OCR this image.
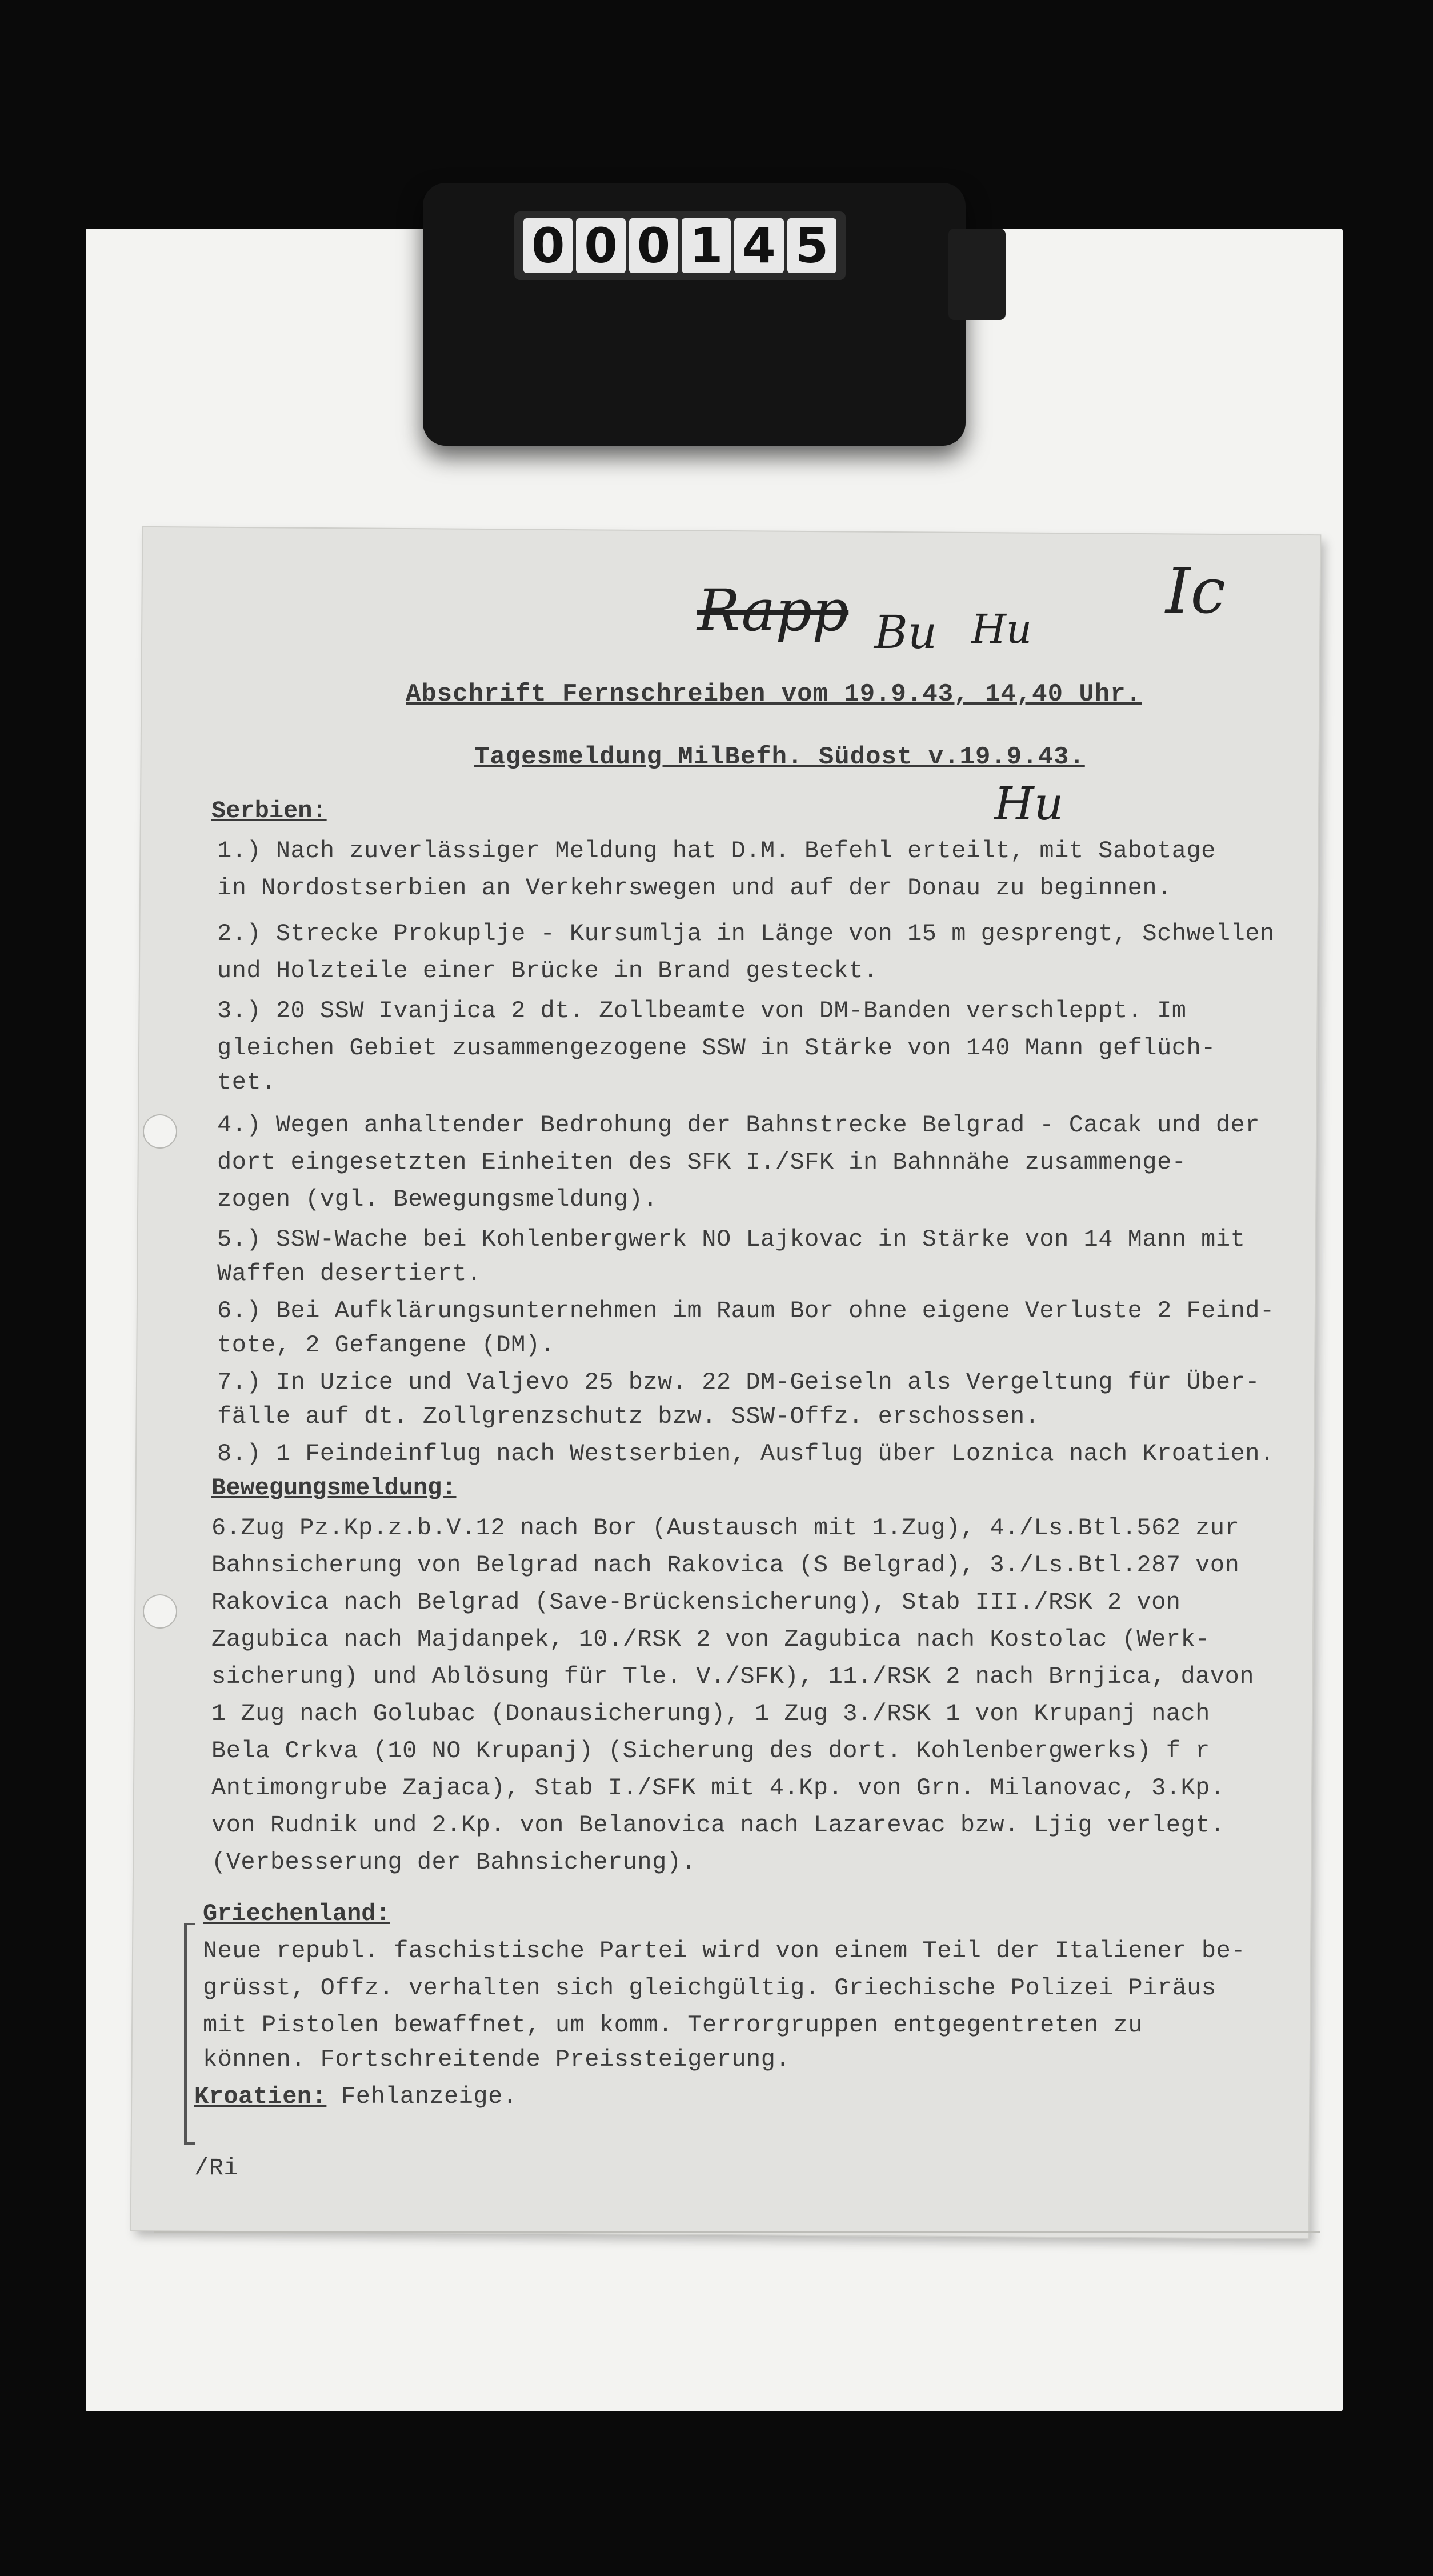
0 0 0 1 4 5
Rapp Bu Hu
Ic
Hu
Abschrift Fernschreiben vom 19.9.43, 14,40 Uhr.
Tagesmeldung MilBefh. Südost v.19.9.43.
Serbien:
1.) Nach zuverlässiger Meldung hat D.M. Befehl erteilt, mit Sabotage
in Nordostserbien an Verkehrswegen und auf der Donau zu beginnen.
2.) Strecke Prokuplje - Kursumlja in Länge von 15 m gesprengt, Schwellen
und Holzteile einer Brücke in Brand gesteckt.
3.) 20 SSW Ivanjica 2 dt. Zollbeamte von DM-Banden verschleppt. Im
gleichen Gebiet zusammengezogene SSW in Stärke von 140 Mann geflüch-
tet.
4.) Wegen anhaltender Bedrohung der Bahnstrecke Belgrad - Cacak und der
dort eingesetzten Einheiten des SFK I./SFK in Bahnnähe zusammenge-
zogen (vgl. Bewegungsmeldung).
5.) SSW-Wache bei Kohlenbergwerk NO Lajkovac in Stärke von 14 Mann mit
Waffen desertiert.
6.) Bei Aufklärungsunternehmen im Raum Bor ohne eigene Verluste 2 Feind-
tote, 2 Gefangene (DM).
7.) In Uzice und Valjevo 25 bzw. 22 DM-Geiseln als Vergeltung für Über-
fälle auf dt. Zollgrenzschutz bzw. SSW-Offz. erschossen.
8.) 1 Feindeinflug nach Westserbien, Ausflug über Loznica nach Kroatien.
Bewegungsmeldung:
6.Zug Pz.Kp.z.b.V.12 nach Bor (Austausch mit 1.Zug), 4./Ls.Btl.562 zur
Bahnsicherung von Belgrad nach Rakovica (S Belgrad), 3./Ls.Btl.287 von
Rakovica nach Belgrad (Save-Brückensicherung), Stab III./RSK 2 von
Zagubica nach Majdanpek, 10./RSK 2 von Zagubica nach Kostolac (Werk-
sicherung) und Ablösung für Tle. V./SFK), 11./RSK 2 nach Brnjica, davon
1 Zug nach Golubac (Donausicherung), 1 Zug 3./RSK 1 von Krupanj nach
Bela Crkva (10 NO Krupanj) (Sicherung des dort. Kohlenbergwerks) f r
Antimongrube Zajaca), Stab I./SFK mit 4.Kp. von Grn. Milanovac, 3.Kp.
von Rudnik und 2.Kp. von Belanovica nach Lazarevac bzw. Ljig verlegt.
(Verbesserung der Bahnsicherung).
Griechenland:
Neue republ. faschistische Partei wird von einem Teil der Italiener be-
grüsst, Offz. verhalten sich gleichgültig. Griechische Polizei Piräus
mit Pistolen bewaffnet, um komm. Terrorgruppen entgegentreten zu
können. Fortschreitende Preissteigerung.
Kroatien: Fehlanzeige.
/Ri
